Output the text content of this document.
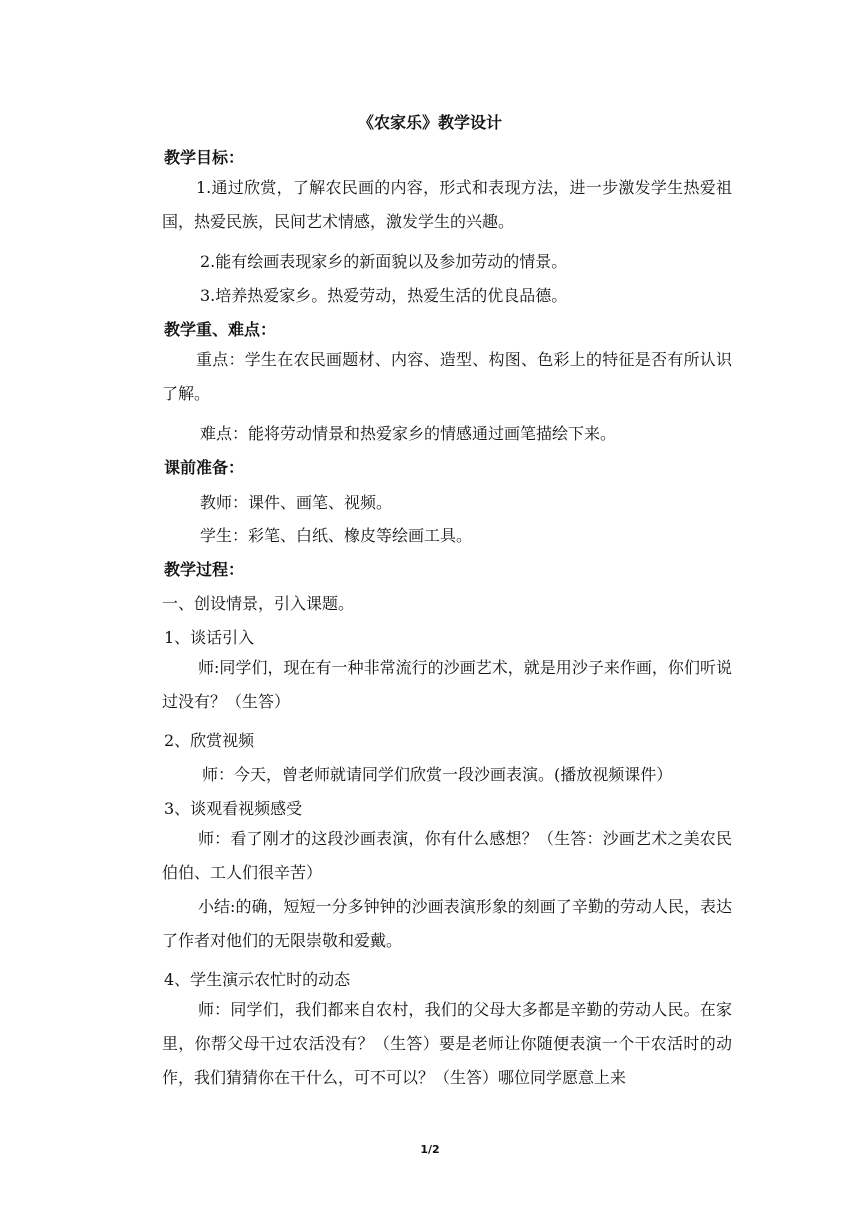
《农家乐》教学设计
教学目标：
1.通过欣赏，了解农民画的内容，形式和表现方法，进一步激发学生热爱祖国，热爱民族，民间艺术情感，激发学生的兴趣。
2.能有绘画表现家乡的新面貌以及参加劳动的情景。
3.培养热爱家乡。热爱劳动，热爱生活的优良品德。
教学重、难点：
重点：学生在农民画题材、内容、造型、构图、色彩上的特征是否有所认识了解。
难点：能将劳动情景和热爱家乡的情感通过画笔描绘下来。
课前准备：
教师：课件、画笔、视频。
学生：彩笔、白纸、橡皮等绘画工具。
教学过程：
一、创设情景，引入课题。
1、谈话引入
师:同学们，现在有一种非常流行的沙画艺术，就是用沙子来作画，你们听说过没有？（生答）
2、欣赏视频
师：今天，曾老师就请同学们欣赏一段沙画表演。(播放视频课件）
3、谈观看视频感受
师：看了刚才的这段沙画表演，你有什么感想？（生答：沙画艺术之美农民伯伯、工人们很辛苦）
小结:的确，短短一分多钟钟的沙画表演形象的刻画了辛勤的劳动人民，表达了作者对他们的无限崇敬和爱戴。
4、学生演示农忙时的动态
师：同学们，我们都来自农村，我们的父母大多都是辛勤的劳动人民。在家里，你帮父母干过农活没有？（生答）要是老师让你随便表演一个干农活时的动作，我们猜猜你在干什么，可不可以？（生答）哪位同学愿意上来
1/2
